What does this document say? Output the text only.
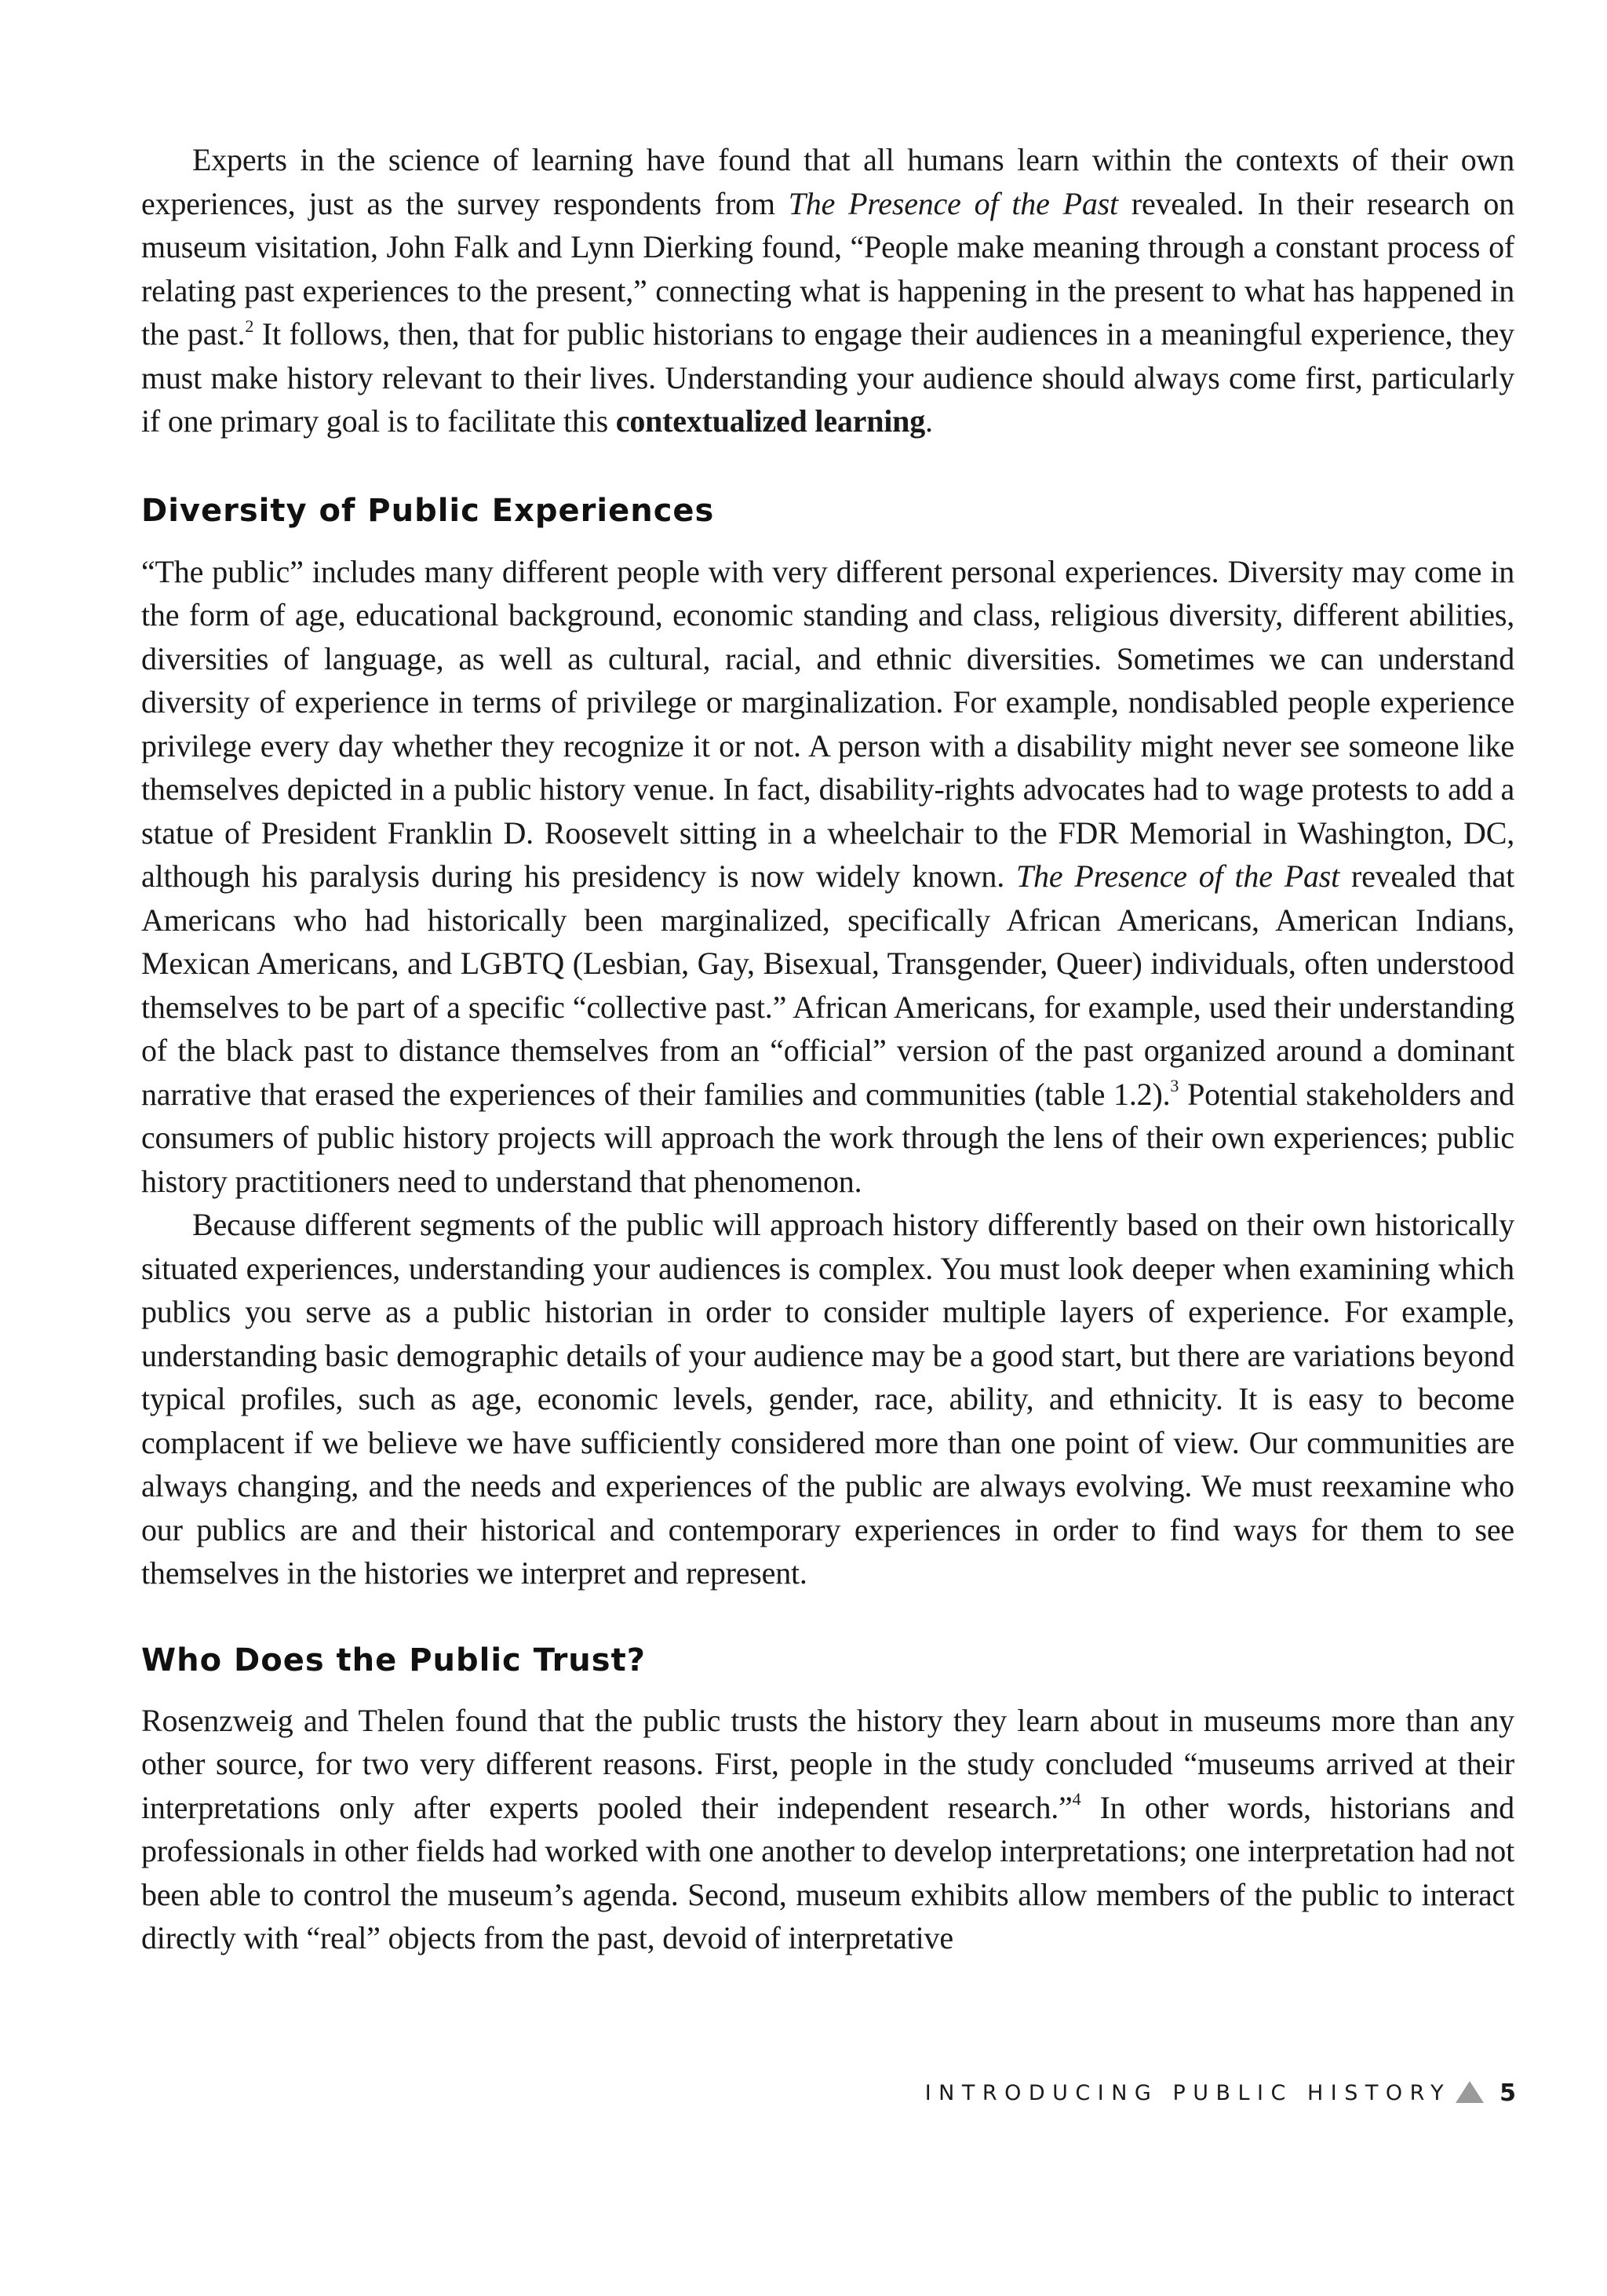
Experts in the science of learning have found that all humans learn within the contexts of their own experiences, just as the survey respondents from The Presence of the Past revealed. In their research on museum visitation, John Falk and Lynn Dierking found, “People make meaning through a constant process of relating past experiences to the present,” connecting what is happening in the present to what has happened in the past.$^2$ It follows, then, that for public historians to engage their audiences in a meaningful experience, they must make history relevant to their lives. Understanding your audience should always come first, particularly if one primary goal is to facilitate this contextualized learning.

Diversity of Public Experiences

“The public” includes many different people with very different personal experiences. Diversity may come in the form of age, educational background, economic standing and class, religious diversity, different abilities, diversities of language, as well as cultural, racial, and ethnic diversities. Sometimes we can understand diversity of experience in terms of privilege or marginalization. For example, nondisabled people experience privilege every day whether they recognize it or not. A person with a disability might never see someone like themselves depicted in a public history venue. In fact, disability-rights advocates had to wage protests to add a statue of President Franklin D. Roosevelt sitting in a wheelchair to the FDR Memorial in Washington, DC, although his paralysis during his presidency is now widely known. The Presence of the Past revealed that Americans who had historically been marginalized, specifically African Americans, American Indians, Mexican Americans, and LGBTQ (Lesbian, Gay, Bisexual, Transgender, Queer) individuals, often understood themselves to be part of a specific “collective past.” African Americans, for example, used their understanding of the black past to distance themselves from an “official” version of the past organized around a dominant narrative that erased the experiences of their families and communities (table 1.2).$^3$ Potential stakeholders and consumers of public history projects will approach the work through the lens of their own experiences; public history practitioners need to understand that phenomenon.

Because different segments of the public will approach history differently based on their own historically situated experiences, understanding your audiences is complex. You must look deeper when examining which publics you serve as a public historian in order to consider multiple layers of experience. For example, understanding basic demographic details of your audience may be a good start, but there are variations beyond typical profiles, such as age, economic levels, gender, race, ability, and ethnicity. It is easy to become complacent if we believe we have sufficiently considered more than one point of view. Our communities are always changing, and the needs and experiences of the public are always evolving. We must reexamine who our publics are and their historical and contemporary experiences in order to find ways for them to see themselves in the histories we interpret and represent.

Who Does the Public Trust?

Rosenzweig and Thelen found that the public trusts the history they learn about in museums more than any other source, for two very different reasons. First, people in the study concluded “museums arrived at their interpretations only after experts pooled their independent research.”$^4$ In other words, historians and professionals in other fields had worked with one another to develop interpretations; one interpretation had not been able to control the museum’s agenda. Second, museum exhibits allow members of the public to interact directly with “real” objects from the past, devoid of interpretative

INTRODUCING PUBLIC HISTORY 5
